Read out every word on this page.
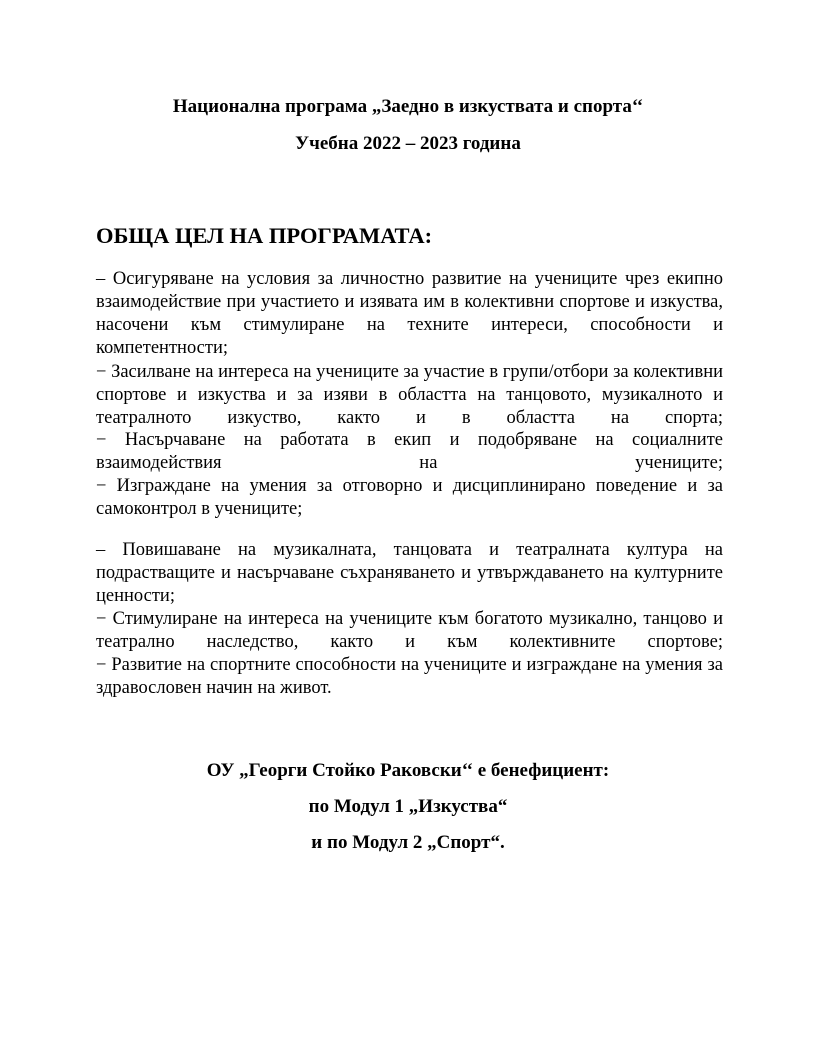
Национална програма „Заедно в изкуствата и спорта‘‘

Учебна 2022 – 2023 година

ОБЩА ЦЕЛ НА ПРОГРАМАТА:

– Осигуряване на условия за личностно развитие на учениците чрез екипно взаимодействие при участието и изявата им в колективни спортове и изкуства, насочени към стимулиране на техните интереси, способности и компетентности;

− Засилване на интереса на учениците за участие в групи/отбори за колективни спортове и изкуства и за изяви в областта на танцовото, музикалното и театралното изкуство, както и в областта на спорта;

− Насърчаване на работата в екип и подобряване на социалните взаимодействия на учениците;

− Изграждане на умения за отговорно и дисциплинирано поведение и за самоконтрол в учениците;

– Повишаване на музикалната, танцовата и театралната култура на подрастващите и насърчаване съхраняването и утвърждаването на културните ценности;

− Стимулиране на интереса на учениците към богатото музикално, танцово и театрално наследство, както и към колективните спортове;

− Развитие на спортните способности на учениците и изграждане на умения за здравословен начин на живот.

ОУ „Георги Стойко Раковски‘‘ е бенефициент:

по Модул 1 „Изкуства“

и по Модул 2 „Спорт“.
